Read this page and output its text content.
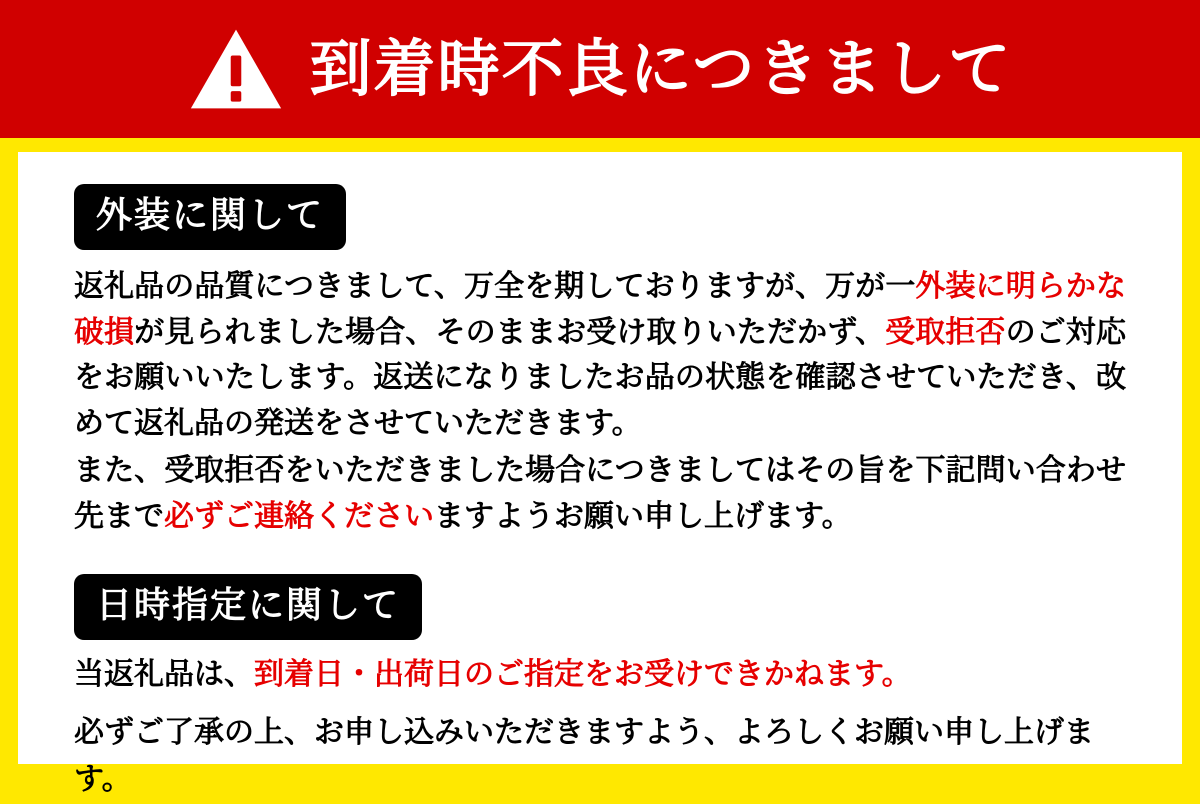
到着時不良につきまして
外装に関して

返礼品の品質につきまして、万全を期しておりますが、万が一外装に明らかな破損が見られました場合、そのままお受け取りいただかず、受取拒否のご対応をお願いいたします。返送になりましたお品の状態を確認させていただき、改めて返礼品の発送をさせていただきます。

また、受取拒否をいただきました場合につきましてはその旨を下記問い合わせ先まで必ずご連絡くださいますようお願い申し上げます。

日時指定に関して

当返礼品は、到着日・出荷日のご指定をお受けできかねます。

必ずご了承の上、お申し込みいただきますよう、よろしくお願い申し上げます。
